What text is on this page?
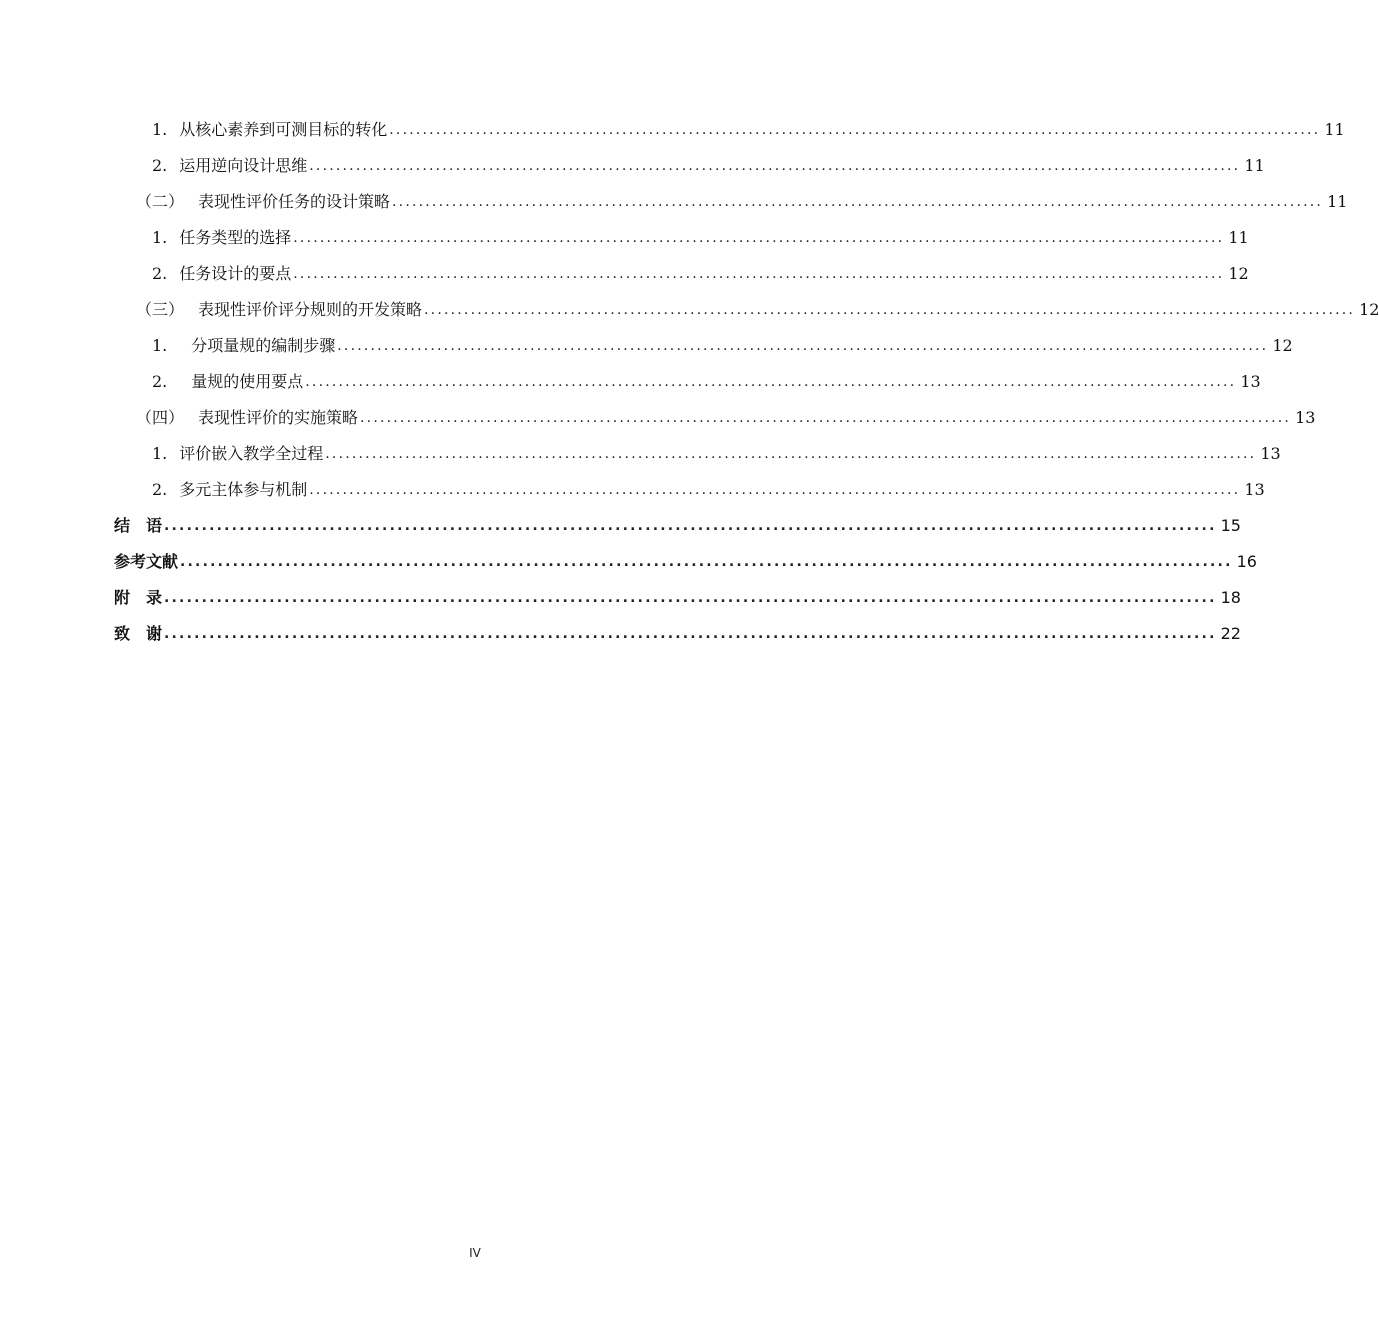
1. 从核心素养到可测目标的转化 ............................................................................................................................................ 11
2. 运用逆向设计思维 ............................................................................................................................................ 11
（二） 表现性评价任务的设计策略 ............................................................................................................................................ 11
1. 任务类型的选择 ............................................................................................................................................ 11
2. 任务设计的要点 ............................................................................................................................................ 12
（三） 表现性评价评分规则的开发策略 ............................................................................................................................................ 12
1. 分项量规的编制步骤 ............................................................................................................................................ 12
2. 量规的使用要点 ............................................................................................................................................ 13
（四） 表现性评价的实施策略 ............................................................................................................................................ 13
1. 评价嵌入教学全过程 ............................................................................................................................................ 13
2. 多元主体参与机制 ............................................................................................................................................ 13
结　语 ............................................................................................................................................ 15
参考文献 ............................................................................................................................................ 16
附　录 ............................................................................................................................................ 18
致　谢 ............................................................................................................................................ 22
IV
